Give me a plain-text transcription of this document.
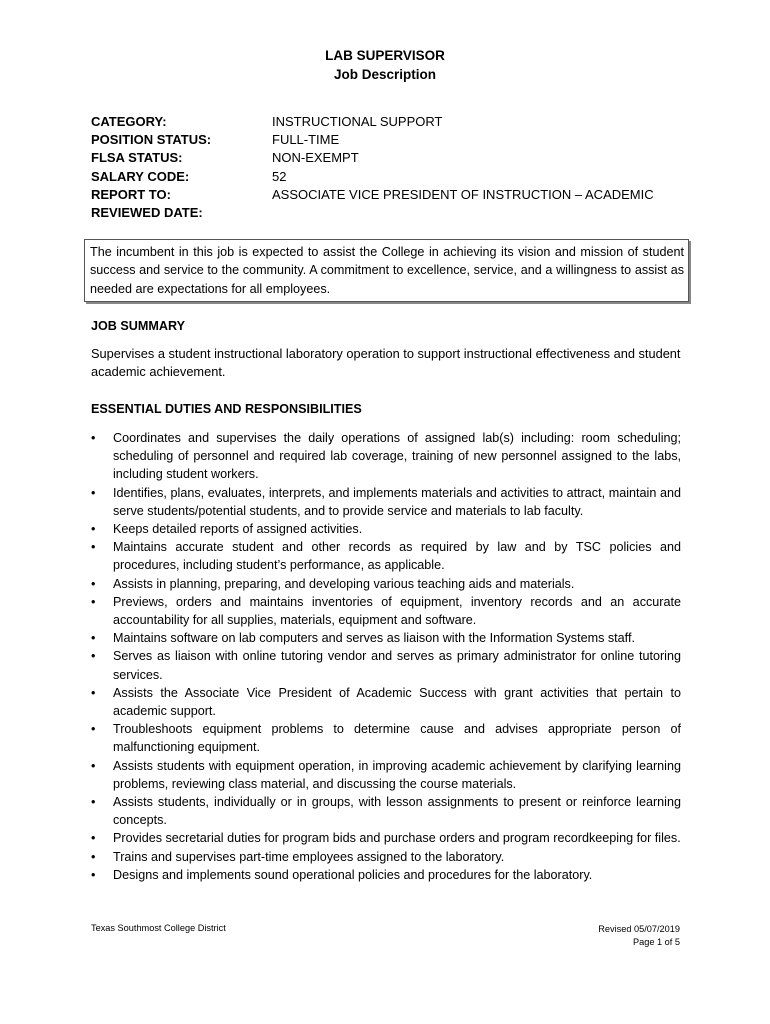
LAB SUPERVISOR
Job Description
CATEGORY:	INSTRUCTIONAL SUPPORT
POSITION STATUS:	FULL-TIME
FLSA STATUS:	NON-EXEMPT
SALARY CODE:	52
REPORT TO:	ASSOCIATE VICE PRESIDENT OF INSTRUCTION – ACADEMIC
REVIEWED DATE:
The incumbent in this job is expected to assist the College in achieving its vision and mission of student success and service to the community. A commitment to excellence, service, and a willingness to assist as needed are expectations for all employees.
JOB SUMMARY
Supervises a student instructional laboratory operation to support instructional effectiveness and student academic achievement.
ESSENTIAL DUTIES AND RESPONSIBILITIES
• Coordinates and supervises the daily operations of assigned lab(s) including: room scheduling; scheduling of personnel and required lab coverage, training of new personnel assigned to the labs, including student workers.
• Identifies, plans, evaluates, interprets, and implements materials and activities to attract, maintain and serve students/potential students, and to provide service and materials to lab faculty.
• Keeps detailed reports of assigned activities.
• Maintains accurate student and other records as required by law and by TSC policies and procedures, including student’s performance, as applicable.
• Assists in planning, preparing, and developing various teaching aids and materials.
• Previews, orders and maintains inventories of equipment, inventory records and an accurate accountability for all supplies, materials, equipment and software.
• Maintains software on lab computers and serves as liaison with the Information Systems staff.
• Serves as liaison with online tutoring vendor and serves as primary administrator for online tutoring services.
• Assists the Associate Vice President of Academic Success with grant activities that pertain to academic support.
• Troubleshoots equipment problems to determine cause and advises appropriate person of malfunctioning equipment.
• Assists students with equipment operation, in improving academic achievement by clarifying learning problems, reviewing class material, and discussing the course materials.
• Assists students, individually or in groups, with lesson assignments to present or reinforce learning concepts.
• Provides secretarial duties for program bids and purchase orders and program recordkeeping for files.
• Trains and supervises part-time employees assigned to the laboratory.
• Designs and implements sound operational policies and procedures for the laboratory.
Texas Southmost College District	Revised 05/07/2019
Page 1 of 5
